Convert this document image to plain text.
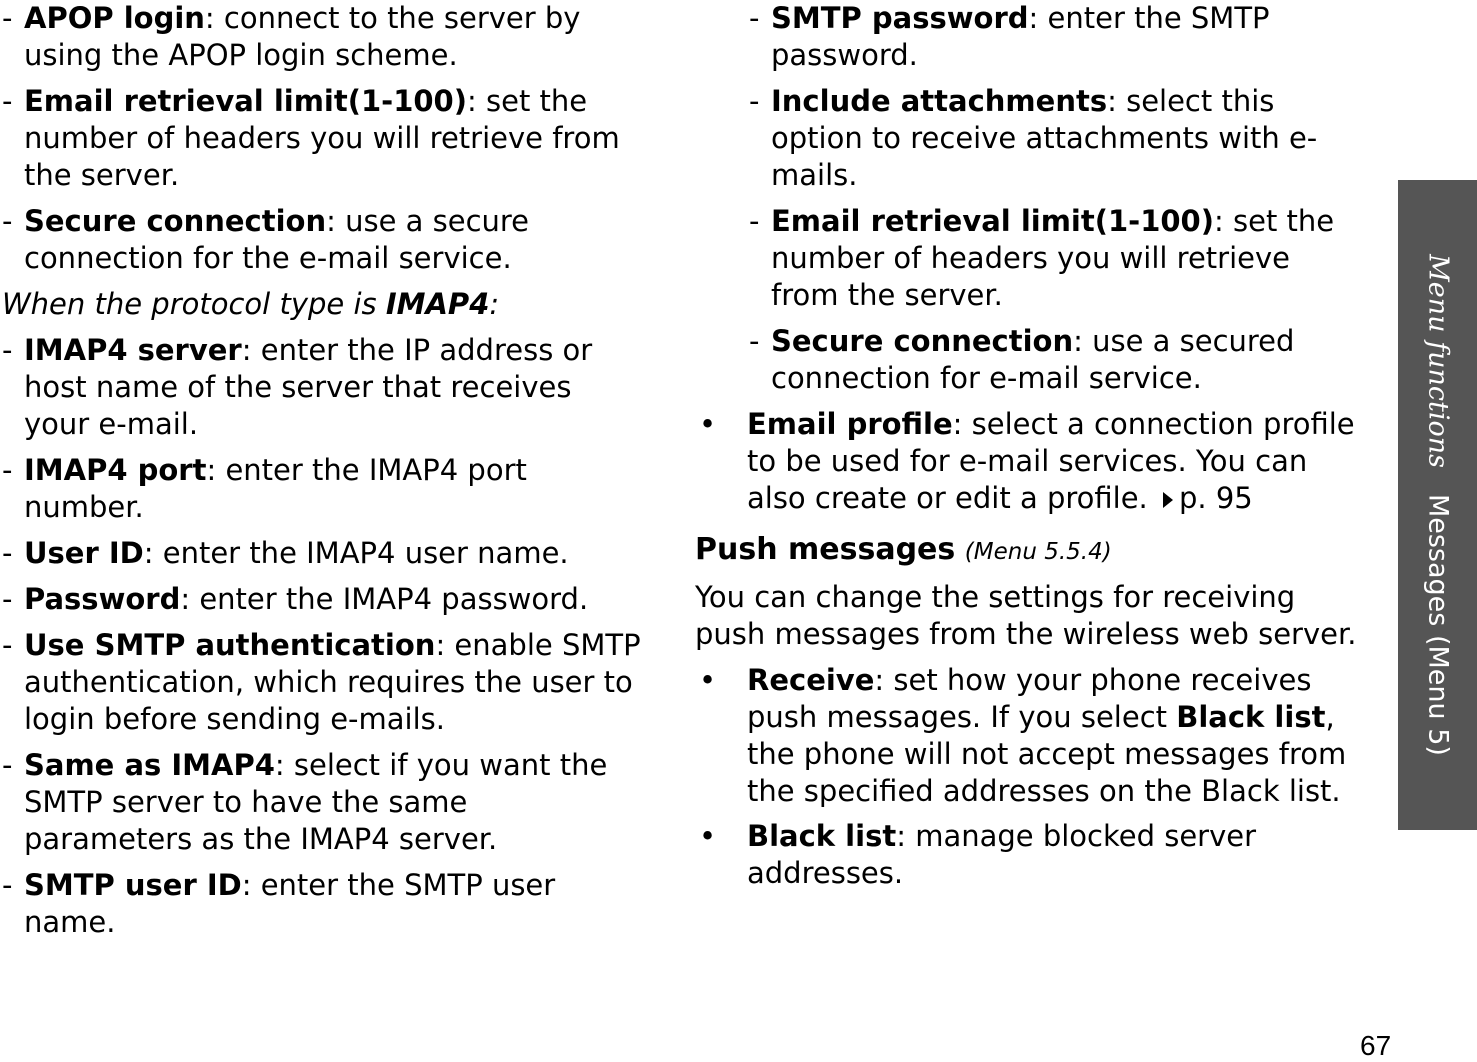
- APOP login: connect to the server by using the APOP login scheme.
- Email retrieval limit(1-100): set the number of headers you will retrieve from the server.
- Secure connection: use a secure connection for the e-mail service.
When the protocol type is IMAP4:
- IMAP4 server: enter the IP address or host name of the server that receives your e-mail.
- IMAP4 port: enter the IMAP4 port number.
- User ID: enter the IMAP4 user name.
- Password: enter the IMAP4 password.
- Use SMTP authentication: enable SMTP authentication, which requires the user to login before sending e-mails.
- Same as IMAP4: select if you want the SMTP server to have the same parameters as the IMAP4 server.
- SMTP user ID: enter the SMTP user name.
- SMTP password: enter the SMTP password.
- Include attachments: select this option to receive attachments with e-mails.
- Email retrieval limit(1-100): set the number of headers you will retrieve from the server.
- Secure connection: use a secured connection for e-mail service.
• Email profile: select a connection profile to be used for e-mail services. You can also create or edit a profile. p. 95
Push messages (Menu 5.5.4)
You can change the settings for receiving push messages from the wireless web server.
• Receive: set how your phone receives push messages. If you select Black list, the phone will not accept messages from the specified addresses on the Black list.
• Black list: manage blocked server addresses.
Menu functionsMessages (Menu 5)
67
